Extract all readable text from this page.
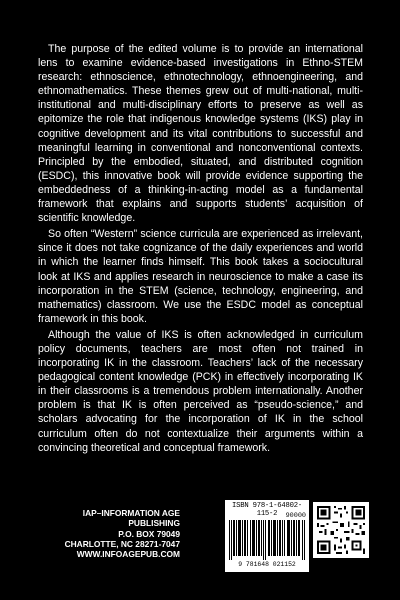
The purpose of the edited volume is to provide an international lens to examine evidence-based investigations in Ethno-STEM research: ethnoscience, ethnotechnology, ethnoengineering, and ethnomathematics. These themes grew out of multi-national, multi-institutional and multi-disciplinary efforts to preserve as well as epitomize the role that indigenous knowledge systems (IKS) play in cognitive development and its vital contributions to successful and meaningful learning in conventional and nonconventional contexts. Principled by the embodied, situated, and distributed cognition (ESDC), this innovative book will provide evidence supporting the embeddedness of a thinking-in-acting model as a fundamental framework that explains and supports students’ acquisition of scientific knowledge.

So often “Western” science curricula are experienced as irrelevant, since it does not take cognizance of the daily experiences and world in which the learner finds himself. This book takes a sociocultural look at IKS and applies research in neuroscience to make a case its incorporation in the STEM (science, technology, engineering, and mathematics) classroom. We use the ESDC model as conceptual framework in this book.

Although the value of IKS is often acknowledged in curriculum policy documents, teachers are most often not trained in incorporating IK in the classroom. Teachers’ lack of the necessary pedagogical content knowledge (PCK) in effectively incorporating IK in their classrooms is a tremendous problem internationally. Another problem is that IK is often perceived as “pseudo-science,” and scholars advocating for the incorporation of IK in the school curriculum often do not contextualize their arguments within a convincing theoretical and conceptual framework.

IAP–INFORMATION AGE PUBLISHING
P.O. BOX 79049
CHARLOTTE, NC 28271-7047
WWW.INFOAGEPUB.COM
ISBN 978-1-64802-115-2	90000
9 781648 021152
